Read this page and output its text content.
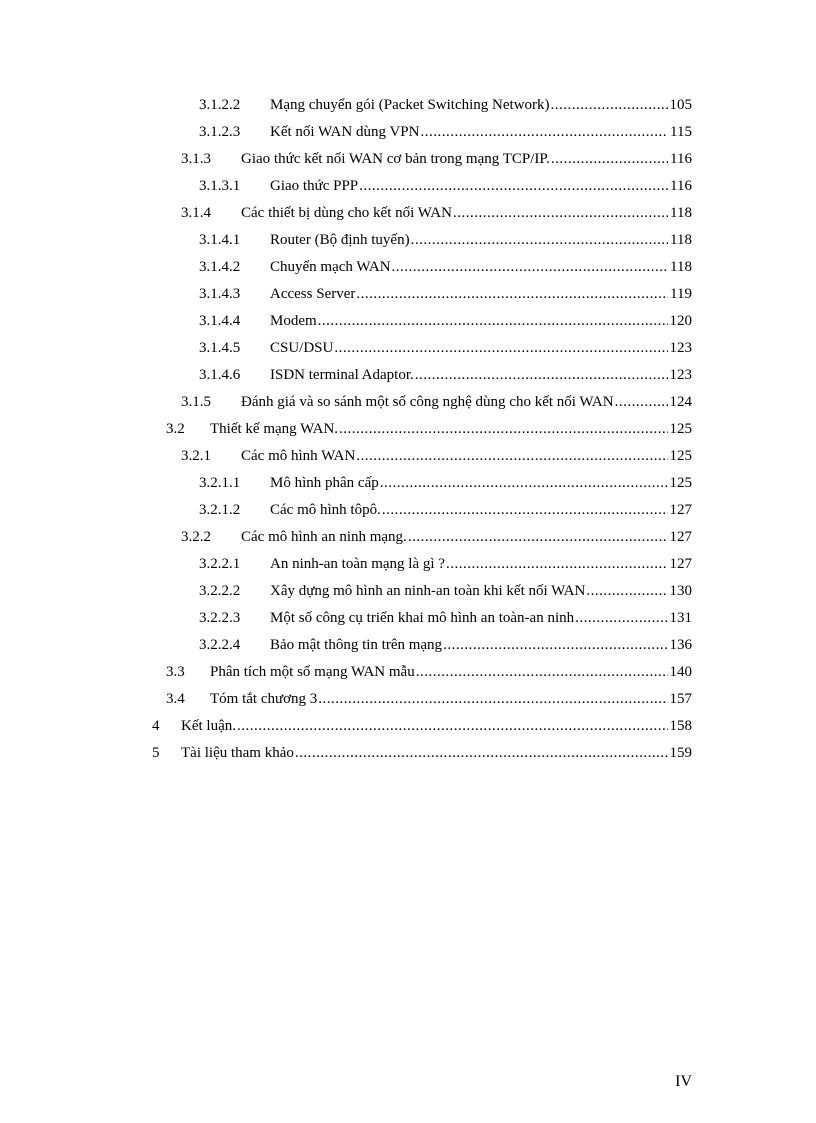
3.1.2.2 Mạng chuyển gói (Packet Switching Network) .....	105
3.1.2.3 Kết nối WAN dùng VPN .....	115
3.1.3 Giao thức kết nối WAN cơ bản trong mạng TCP/IP. .....	116
3.1.3.1 Giao thức PPP .....	116
3.1.4 Các thiết bị dùng cho kết nối WAN .....	118
3.1.4.1 Router (Bộ định tuyến) .....	118
3.1.4.2 Chuyển mạch WAN .....	118
3.1.4.3 Access Server .....	119
3.1.4.4 Modem .....	120
3.1.4.5 CSU/DSU .....	123
3.1.4.6 ISDN terminal Adaptor. .....	123
3.1.5 Đánh giá và so sánh một số công nghệ dùng cho kết nối WAN .....	124
3.2 Thiết kế mạng WAN. .....	125
3.2.1 Các mô hình WAN .....	125
3.2.1.1 Mô hình phân cấp .....	125
3.2.1.2 Các mô hình tôpô. .....	127
3.2.2 Các mô hình an ninh mạng. .....	127
3.2.2.1 An ninh-an toàn mạng là gì ? .....	127
3.2.2.2 Xây dựng mô hình an ninh-an toàn khi kết nối WAN .....	130
3.2.2.3 Một số công cụ triển khai mô hình an toàn-an ninh .....	131
3.2.2.4 Bảo mật thông tin trên mạng .....	136
3.3 Phân tích một số mạng WAN mẫu .....	140
3.4 Tóm tắt chương 3 .....	157
4 Kết luận. .....	158
5 Tài liệu tham khảo .....	159
IV
